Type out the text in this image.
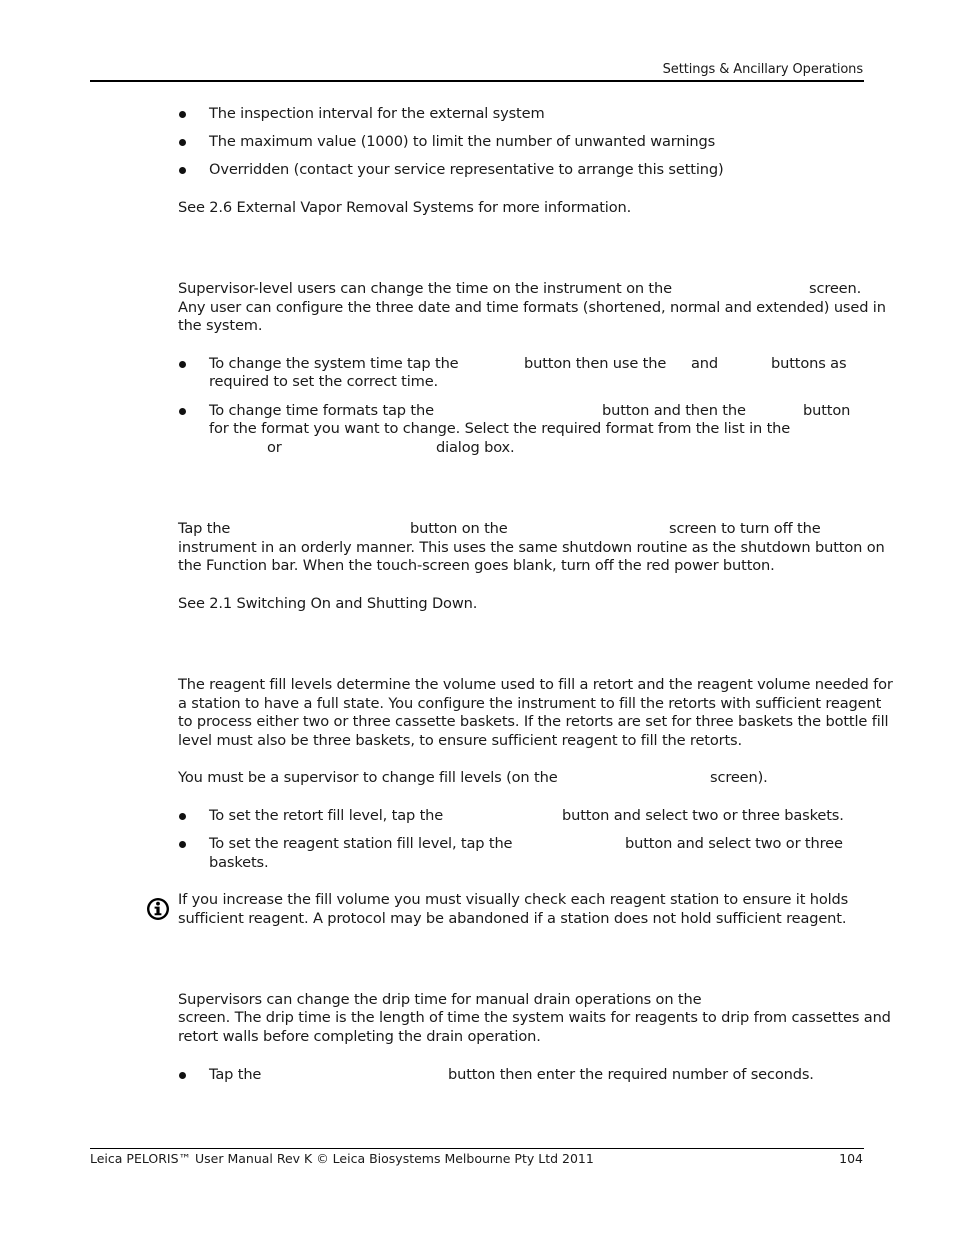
Settings & Ancillary Operations
The inspection interval for the external system
The maximum value (1000) to limit the number of unwanted warnings
Overridden (contact your service representative to arrange this setting)
See 2.6 External Vapor Removal Systems for more information.
Supervisor-level users can change the time on the instrument on the	screen.
Any user can configure the three date and time formats (shortened, normal and extended) used in
the system.
To change the system time tap the	button then use the and	buttons as
required to set the correct time.
To change time formats tap the	button and then the	button
for the format you want to change. Select the required format from the list in the
or	dialog box.
Tap the	button on the	screen to turn off the
instrument in an orderly manner. This uses the same shutdown routine as the shutdown button on
the Function bar. When the touch-screen goes blank, turn off the red power button.
See 2.1 Switching On and Shutting Down.
The reagent fill levels determine the volume used to fill a retort and the reagent volume needed for
a station to have a full state. You configure the instrument to fill the retorts with sufficient reagent
to process either two or three cassette baskets. If the retorts are set for three baskets the bottle fill
level must also be three baskets, to ensure sufficient reagent to fill the retorts.
You must be a supervisor to change fill levels (on the	screen).
To set the retort fill level, tap the	button and select two or three baskets.
To set the reagent station fill level, tap the	button and select two or three
baskets.
If you increase the fill volume you must visually check each reagent station to ensure it holds
sufficient reagent. A protocol may be abandoned if a station does not hold sufficient reagent.
Supervisors can change the drip time for manual drain operations on the
screen. The drip time is the length of time the system waits for reagents to drip from cassettes and
retort walls before completing the drain operation.
Tap the	button then enter the required number of seconds.
Leica PELORIS™ User Manual Rev K © Leica Biosystems Melbourne Pty Ltd 2011	104
